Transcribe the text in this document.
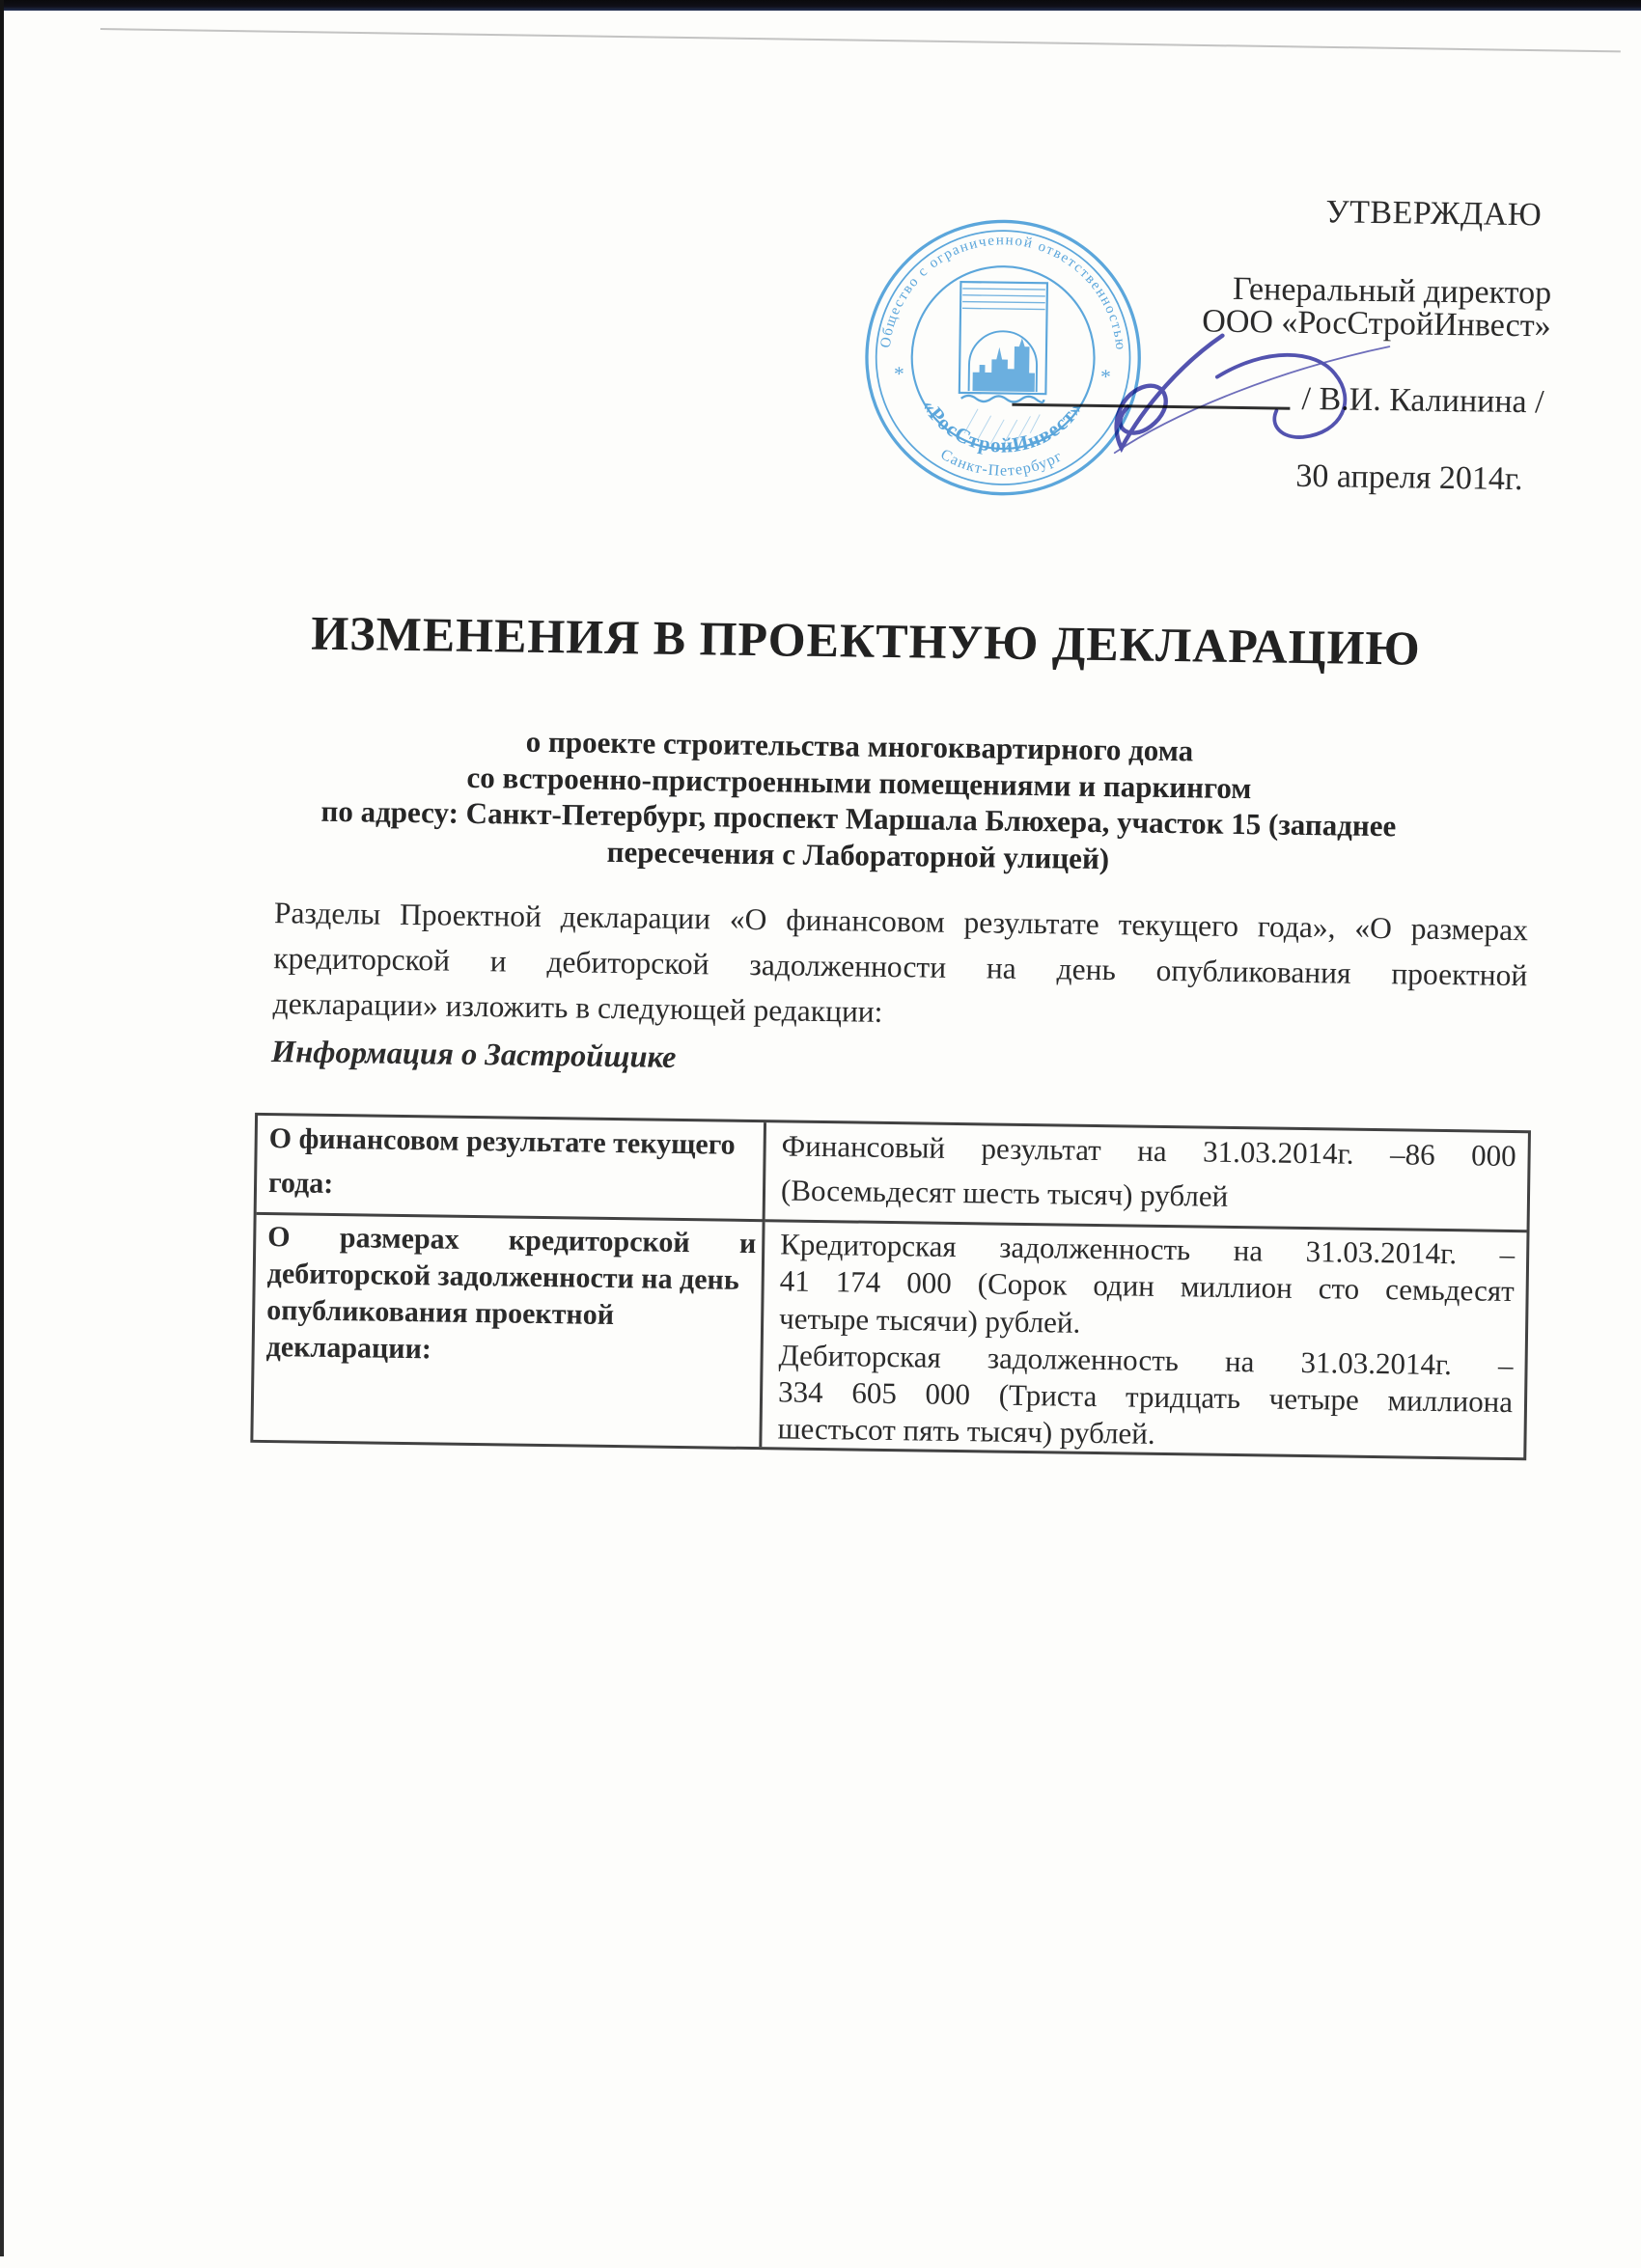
УТВЕРЖДАЮ
Генеральный директор
ООО «РосСтройИнвест»
/ В.И. Калинина /
30 апреля 2014г.
Общество с ограниченной ответственностью
«РосСтройИнвест»
Санкт-Петербург
*	*
ИЗМЕНЕНИЯ В ПРОЕКТНУЮ ДЕКЛАРАЦИЮ
о проекте строительства многоквартирного дома
со встроенно-пристроенными помещениями и паркингом
по адресу: Санкт-Петербург, проспект Маршала Блюхера, участок 15 (западнее
пересечения с Лабораторной улицей)
Разделы Проектной декларации «О финансовом результате текущего года», «О размерах
кредиторской и дебиторской задолженности на день опубликования проектной
декларации» изложить в следующей редакции:
Информация о Застройщике
О финансовом результате текущего
года:
Финансовый результат на 31.03.2014г. –86 000
(Восемьдесят шесть тысяч) рублей
О размерах кредиторской и
дебиторской задолженности на день
опубликования проектной
декларации:
Кредиторская задолженность на 31.03.2014г. –
41 174 000 (Сорок один миллион сто семьдесят
четыре тысячи) рублей.
Дебиторская задолженность на 31.03.2014г. –
334 605 000 (Триста тридцать четыре миллиона
шестьсот пять тысяч) рублей.
